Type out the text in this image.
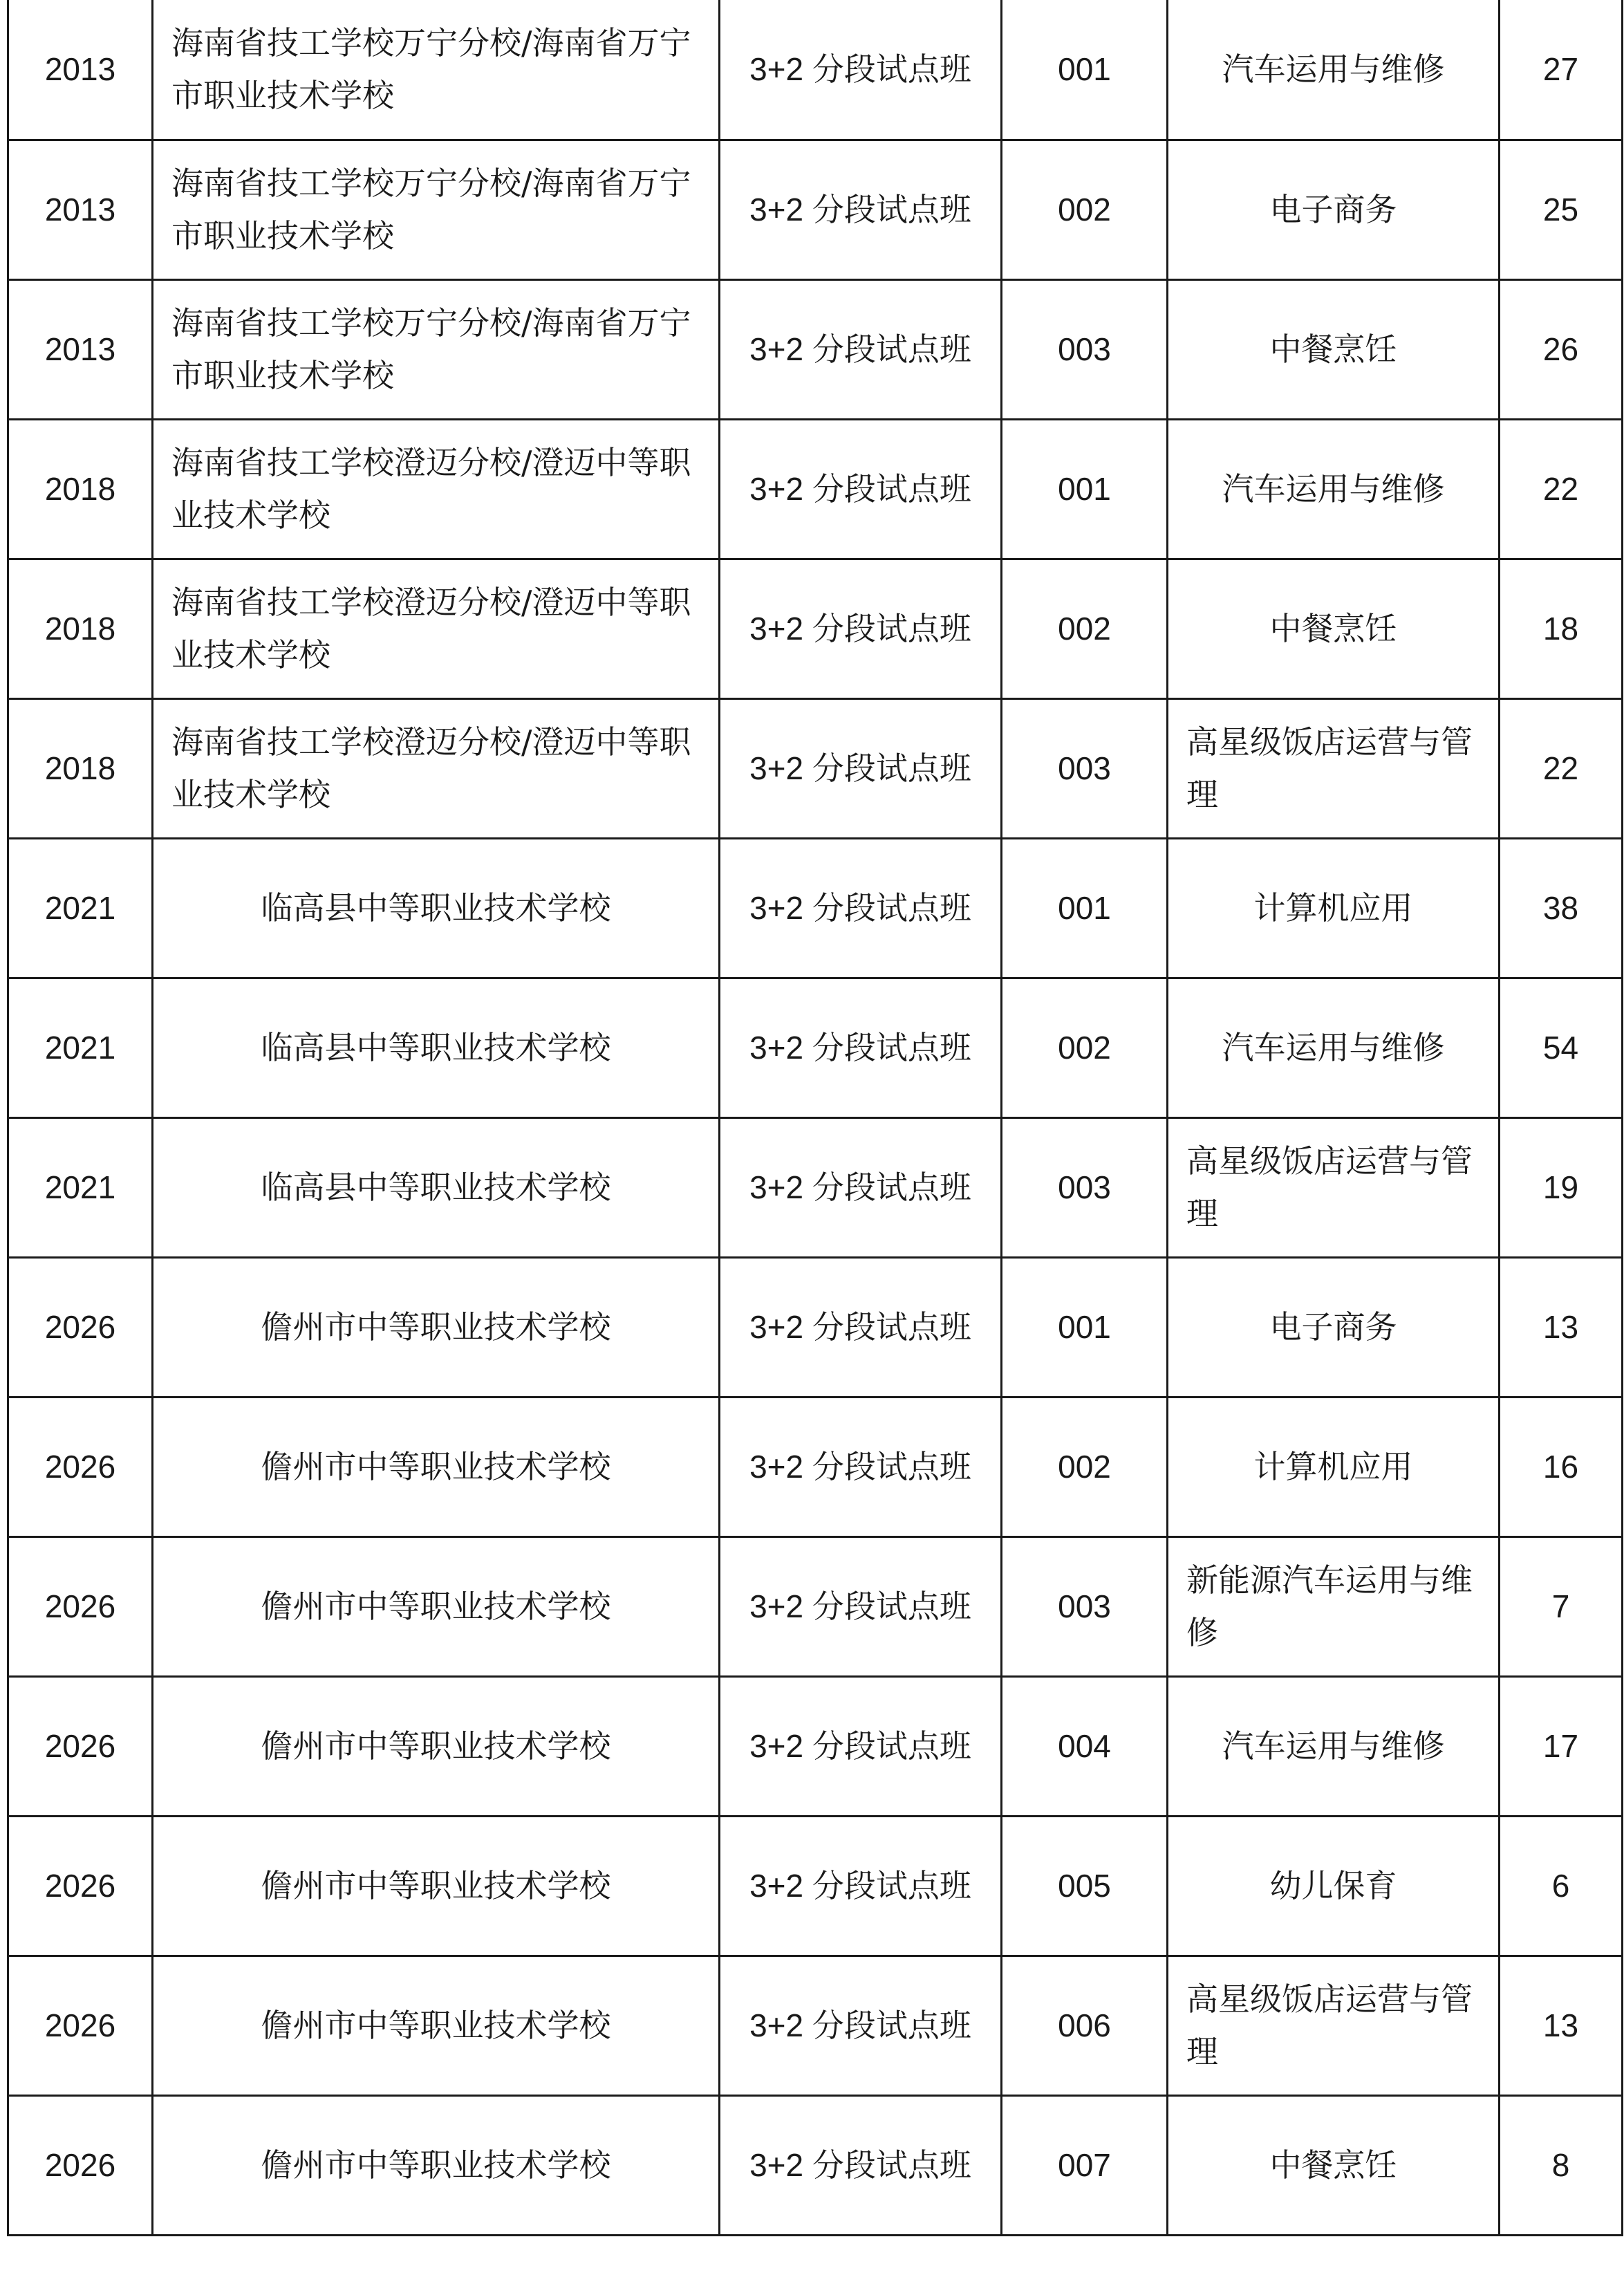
2013	海南省技工学校万宁分校/海南省万宁市职业技术学校	3+2 分段试点班	001	汽车运用与维修	27
2013	海南省技工学校万宁分校/海南省万宁市职业技术学校	3+2 分段试点班	002	电子商务	25
2013	海南省技工学校万宁分校/海南省万宁市职业技术学校	3+2 分段试点班	003	中餐烹饪	26
2018	海南省技工学校澄迈分校/澄迈中等职业技术学校	3+2 分段试点班	001	汽车运用与维修	22
2018	海南省技工学校澄迈分校/澄迈中等职业技术学校	3+2 分段试点班	002	中餐烹饪	18
2018	海南省技工学校澄迈分校/澄迈中等职业技术学校	3+2 分段试点班	003	高星级饭店运营与管理	22
2021	临高县中等职业技术学校	3+2 分段试点班	001	计算机应用	38
2021	临高县中等职业技术学校	3+2 分段试点班	002	汽车运用与维修	54
2021	临高县中等职业技术学校	3+2 分段试点班	003	高星级饭店运营与管理	19
2026	儋州市中等职业技术学校	3+2 分段试点班	001	电子商务	13
2026	儋州市中等职业技术学校	3+2 分段试点班	002	计算机应用	16
2026	儋州市中等职业技术学校	3+2 分段试点班	003	新能源汽车运用与维修	7
2026	儋州市中等职业技术学校	3+2 分段试点班	004	汽车运用与维修	17
2026	儋州市中等职业技术学校	3+2 分段试点班	005	幼儿保育	6
2026	儋州市中等职业技术学校	3+2 分段试点班	006	高星级饭店运营与管理	13
2026	儋州市中等职业技术学校	3+2 分段试点班	007	中餐烹饪	8
